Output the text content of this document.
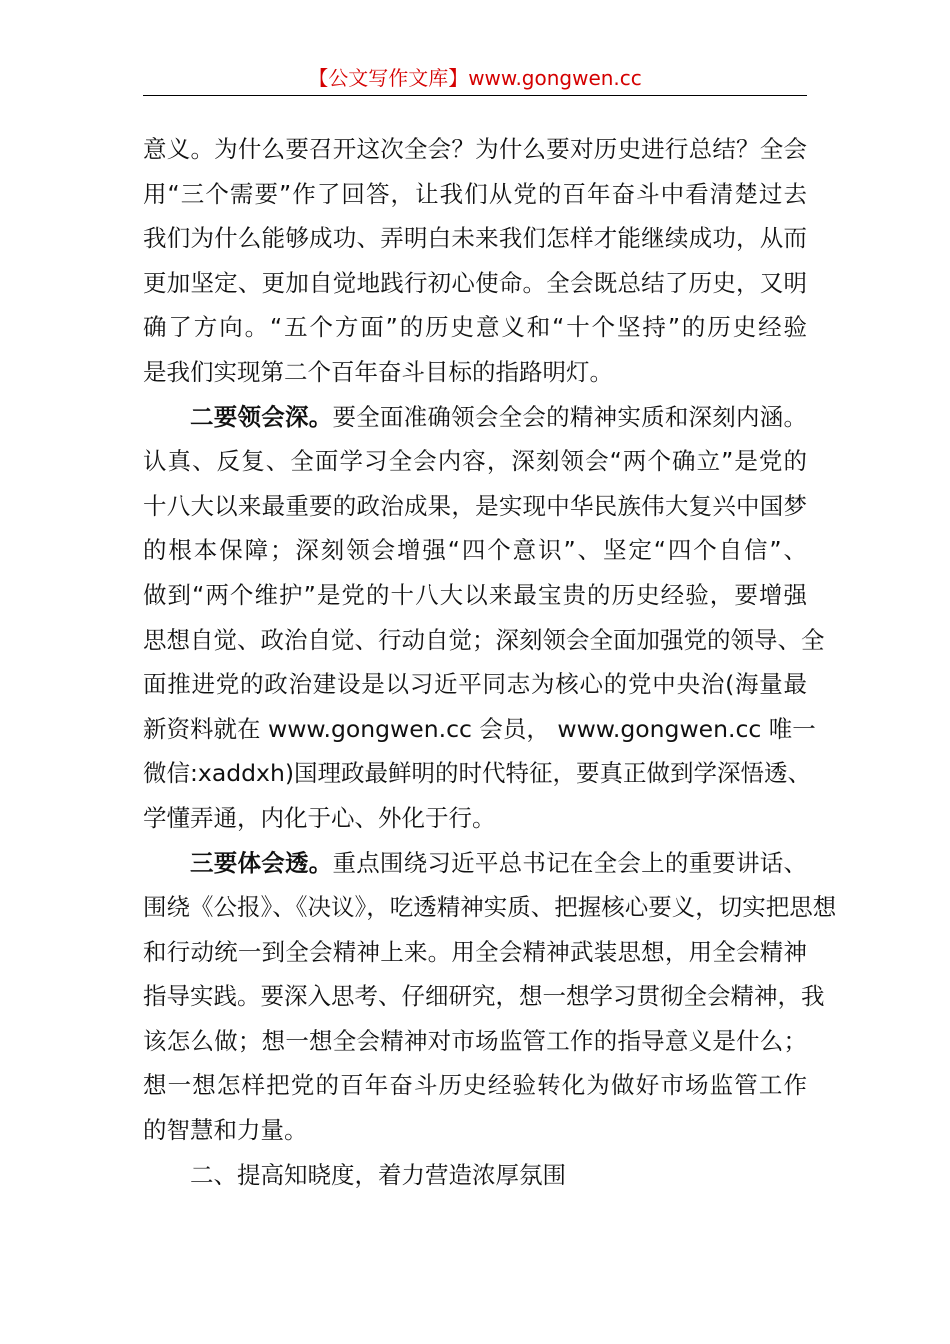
【公文写作文库】www.gongwen.cc
意义。为什么要召开这次全会？为什么要对历史进行总结？全会
用“三个需要”作了回答，让我们从党的百年奋斗中看清楚过去
我们为什么能够成功、弄明白未来我们怎样才能继续成功，从而
更加坚定、更加自觉地践行初心使命。全会既总结了历史，又明
确了方向。“五个方面”的历史意义和“十个坚持”的历史经验
是我们实现第二个百年奋斗目标的指路明灯。
二要领会深。要全面准确领会全会的精神实质和深刻内涵。
认真、反复、全面学习全会内容，深刻领会“两个确立”是党的
十八大以来最重要的政治成果，是实现中华民族伟大复兴中国梦
的根本保障；深刻领会增强“四个意识”、坚定“四个自信”、
做到“两个维护”是党的十八大以来最宝贵的历史经验，要增强
思想自觉、政治自觉、行动自觉；深刻领会全面加强党的领导、全
面推进党的政治建设是以习近平同志为核心的党中央治(海量最
新资料就在 www.gongwen.cc 会员， www.gongwen.cc 唯一
微信:xaddxh)国理政最鲜明的时代特征，要真正做到学深悟透、
学懂弄通，内化于心、外化于行。
三要体会透。重点围绕习近平总书记在全会上的重要讲话、
围绕《公报》、《决议》，吃透精神实质、把握核心要义，切实把思想
和行动统一到全会精神上来。用全会精神武装思想，用全会精神
指导实践。要深入思考、仔细研究，想一想学习贯彻全会精神，我
该怎么做；想一想全会精神对市场监管工作的指导意义是什么；
想一想怎样把党的百年奋斗历史经验转化为做好市场监管工作
的智慧和力量。
二、提高知晓度，着力营造浓厚氛围
